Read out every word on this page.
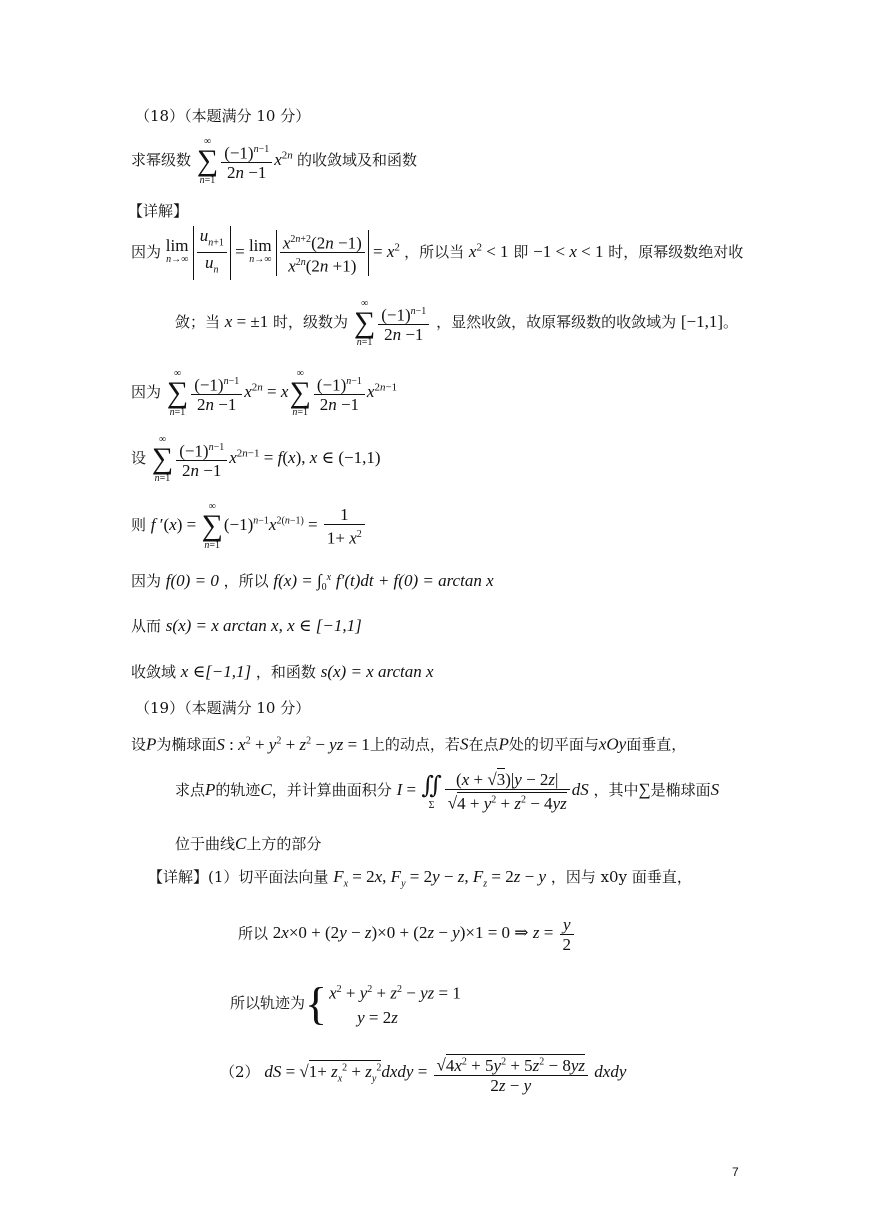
（18）（本题满分 10 分）
求幂级数
∞
∑
$n=1 \frac{(-1)^{n-1}}{2n -1} x^{2n}$ 的收敛域及和函数
【详解】
因为 lim
n→∞
$\frac{u_{n+1}}{u_n} = \lim$
n→∞
$\frac{x^{2n+2}(2n -1)}{x^{2n}(2n +1)} = x^2$ ，所以当 $x^2 < 1$ 即 −1 < x < 1 时，原幂级数绝对收
敛；当 x = ±1 时，级数为
∞
∑
$n=1 \frac{(-1)^{n-1}}{2n -1}$ ，显然收敛，故原幂级数的收敛域为 [−1,1]。
因为
∞
∑
$n=1 \frac{(-1)^{n-1}}{2n -1} x^{2n} = x$
∞
∑
$n=1 \frac{(-1)^{n-1}}{2n -1} x^{2n-1}$
设
∞
∑
$n=1 \frac{(-1)^{n-1}}{2n -1} x^{2n-1} = f(x)$, x ∈ (−1,1)
则 f ′(x) =
∞
∑
n=1
$(-1)^{n-1}x^{2(n-1)} = \frac{1}{1+ x^2}$
因为 f(0) = 0 ，所以 $f(x) = \int_0^x$ f′(t)dt + f(0) = arctan x
从而 s(x) = x arctan x, x ∈ [−1,1]
收敛域 x ∈[−1,1] ，和函数 s(x) = x arctan x
（19）（本题满分 10 分）
设P为椭球面S : $x^2 + y^2 + z^2$ − yz = 1上的动点，若S在点P处的切平面与xOy面垂直，
求点P的轨迹C，并计算曲面积分 I = ∬
Σ $\frac{(x + √3)|y - 2z|}{√4 + y^2 + z^2 - 4yz}$ dS ，其中∑是椭球面S
位于曲线C上方的部分
【详解】(1）切平面法向量 $F_x = 2x$, $F_y = 2y - z$, $F_z = 2z - y$ ，因与 x0y 面垂直，
所以 2x×0 + (2y − z)×0 + (2z − y)×1 = 0 ⇒ $z = \frac{y}{2}$
所以轨迹为{ $x^2 + y^2 + z^2$ − yz = 1
y = 2z
（2） dS = $√1+ z_x^2$ + $z_y^2dxdy = \frac{√4x^2 + 5y^2 + 5z^2 - 8yz}{2z - y}$ dxdy
7
